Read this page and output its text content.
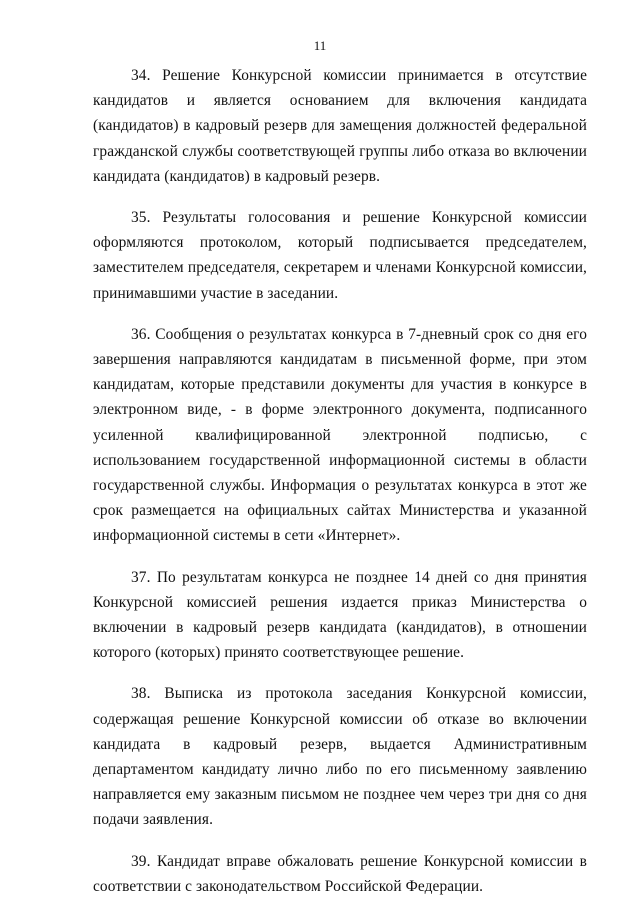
11

34. Решение Конкурсной комиссии принимается в отсутствие кандидатов и является основанием для включения кандидата (кандидатов) в кадровый резерв для замещения должностей федеральной гражданской службы соответствующей группы либо отказа во включении кандидата (кандидатов) в кадровый резерв.

35. Результаты голосования и решение Конкурсной комиссии оформляются протоколом, который подписывается председателем, заместителем председателя, секретарем и членами Конкурсной комиссии, принимавшими участие в заседании.

36. Сообщения о результатах конкурса в 7-дневный срок со дня его завершения направляются кандидатам в письменной форме, при этом кандидатам, которые представили документы для участия в конкурсе в электронном виде, - в форме электронного документа, подписанного усиленной квалифицированной электронной подписью, с использованием государственной информационной системы в области государственной службы. Информация о результатах конкурса в этот же срок размещается на официальных сайтах Министерства и указанной информационной системы в сети «Интернет».

37. По результатам конкурса не позднее 14 дней со дня принятия Конкурсной комиссией решения издается приказ Министерства о включении в кадровый резерв кандидата (кандидатов), в отношении которого (которых) принято соответствующее решение.

38. Выписка из протокола заседания Конкурсной комиссии, содержащая решение Конкурсной комиссии об отказе во включении кандидата в кадровый резерв, выдается Административным департаментом кандидату лично либо по его письменному заявлению направляется ему заказным письмом не позднее чем через три дня со дня подачи заявления.

39. Кандидат вправе обжаловать решение Конкурсной комиссии в соответствии с законодательством Российской Федерации.
